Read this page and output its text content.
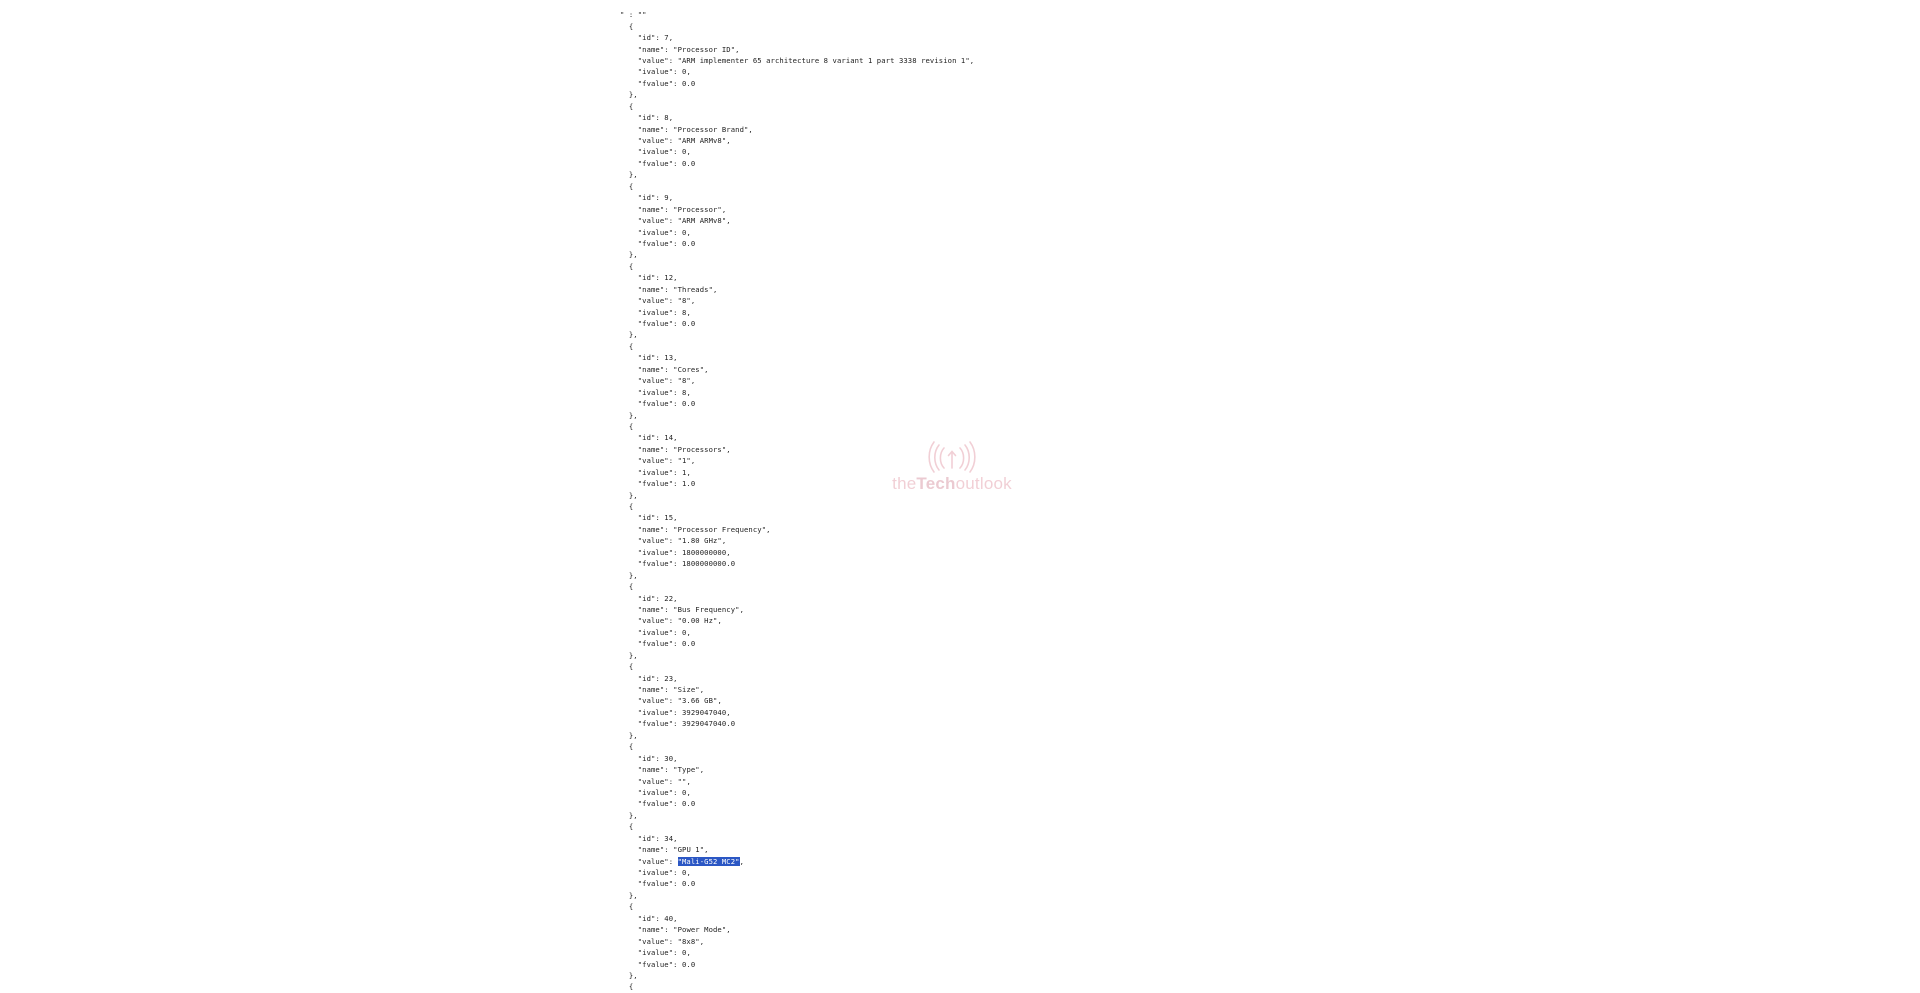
" : ""
{
"id": 7,
"name": "Processor ID",
"value": "ARM implementer 65 architecture 8 variant 1 part 3338 revision 1",
"ivalue": 0,
"fvalue": 0.0
},
{
"id": 8,
"name": "Processor Brand",
"value": "ARM ARMv8",
"ivalue": 0,
"fvalue": 0.0
},
{
"id": 9,
"name": "Processor",
"value": "ARM ARMv8",
"ivalue": 0,
"fvalue": 0.0
},
{
"id": 12,
"name": "Threads",
"value": "8",
"ivalue": 8,
"fvalue": 0.0
},
{
"id": 13,
"name": "Cores",
"value": "8",
"ivalue": 8,
"fvalue": 0.0
},
{
"id": 14,
"name": "Processors",
"value": "1",
"ivalue": 1,
"fvalue": 1.0
},
{
"id": 15,
"name": "Processor Frequency",
"value": "1.80 GHz",
"ivalue": 1800000000,
"fvalue": 1800000000.0
},
{
"id": 22,
"name": "Bus Frequency",
"value": "0.00 Hz",
"ivalue": 0,
"fvalue": 0.0
},
{
"id": 23,
"name": "Size",
"value": "3.66 GB",
"ivalue": 3929047040,
"fvalue": 3929047040.0
},
{
"id": 30,
"name": "Type",
"value": "",
"ivalue": 0,
"fvalue": 0.0
},
{
"id": 34,
"name": "GPU 1",
"value": "Mali-G52 MC2",
"ivalue": 0,
"fvalue": 0.0
},
{
"id": 40,
"name": "Power Mode",
"value": "8x8",
"ivalue": 0,
"fvalue": 0.0
},
{
theTechoutlook
